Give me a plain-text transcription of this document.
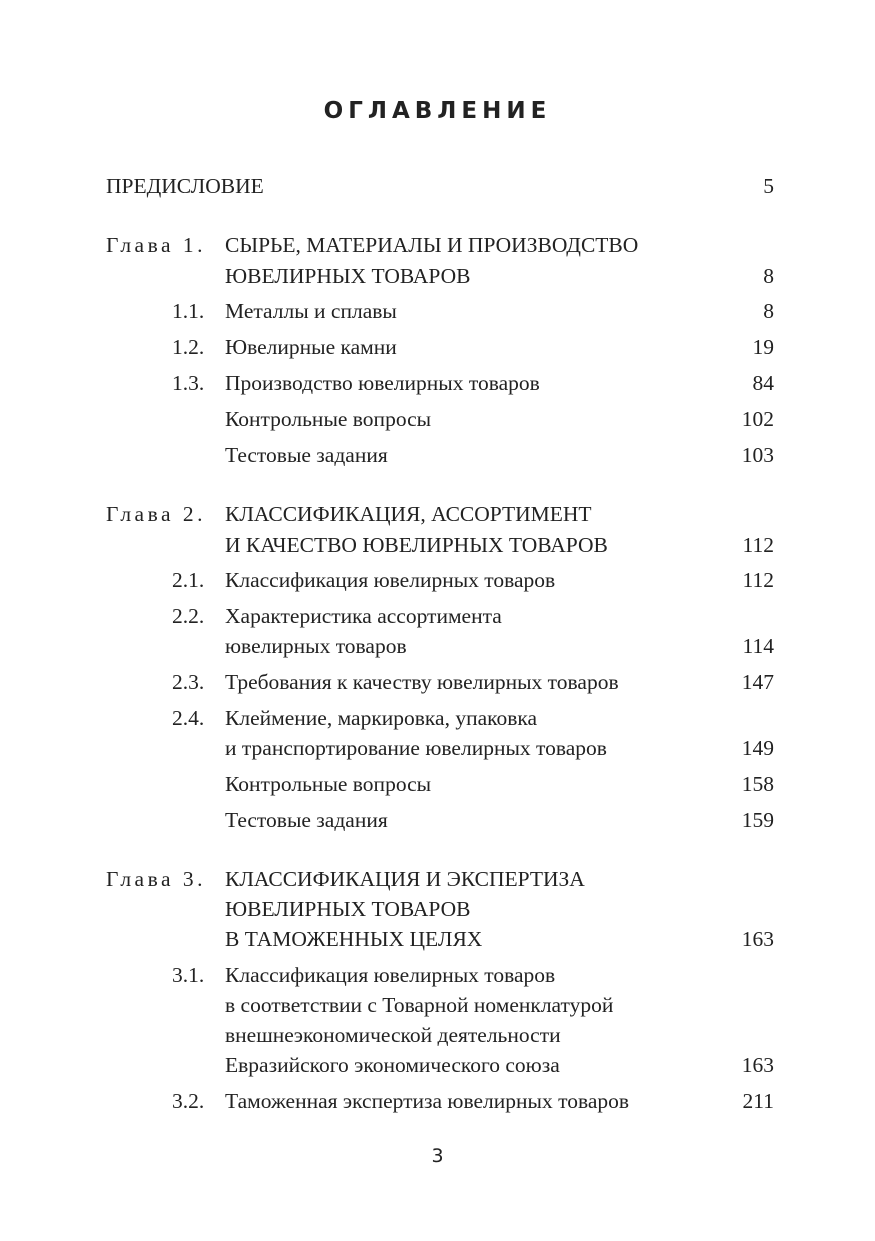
ОГЛАВЛЕНИЕ
ПРЕДИСЛОВИЕ	5
Глава 1. СЫРЬЕ, МАТЕРИАЛЫ И ПРОИЗВОДСТВО
ЮВЕЛИРНЫХ ТОВАРОВ	8
1.1. Металлы и сплавы	8
1.2. Ювелирные камни	19
1.3. Производство ювелирных товаров	84
Контрольные вопросы	102
Тестовые задания	103
Глава 2. КЛАССИФИКАЦИЯ, АССОРТИМЕНТ
И КАЧЕСТВО ЮВЕЛИРНЫХ ТОВАРОВ	112
2.1. Классификация ювелирных товаров	112
2.2. Характеристика ассортимента
ювелирных товаров	114
2.3. Требования к качеству ювелирных товаров	147
2.4. Клеймение, маркировка, упаковка
и транспортирование ювелирных товаров	149
Контрольные вопросы	158
Тестовые задания	159
Глава 3. КЛАССИФИКАЦИЯ И ЭКСПЕРТИЗА
ЮВЕЛИРНЫХ ТОВАРОВ
В ТАМОЖЕННЫХ ЦЕЛЯХ	163
3.1. Классификация ювелирных товаров
в соответствии с Товарной номенклатурой
внешнеэкономической деятельности
Евразийского экономического союза	163
3.2. Таможенная экспертиза ювелирных товаров	211
3
